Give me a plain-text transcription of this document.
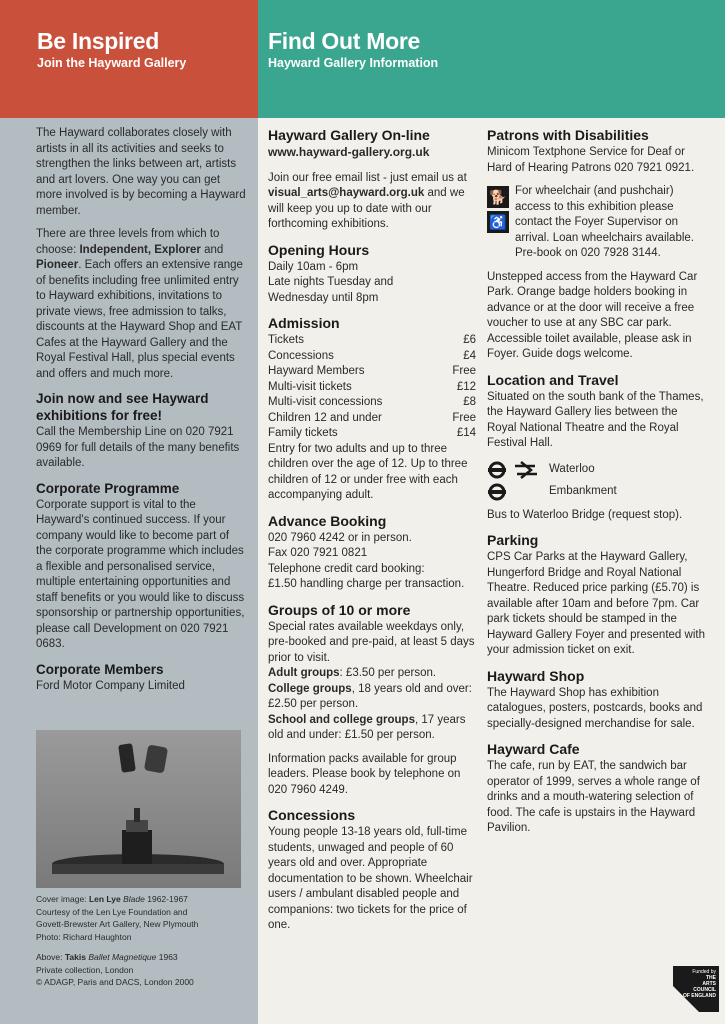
Be Inspired
Join the Hayward Gallery
Find Out More
Hayward Gallery Information

The Hayward collaborates closely with artists in all its activities and seeks to strengthen the links between art, artists and art lovers. One way you can get more involved is by becoming a Hayward member.

There are three levels from which to choose: Independent, Explorer and Pioneer. Each offers an extensive range of benefits including free unlimited entry to Hayward exhibitions, invitations to private views, free admission to talks, discounts at the Hayward Shop and EAT Cafes at the Hayward Gallery and the Royal Festival Hall, plus special events and offers and much more.

Join now and see Hayward exhibitions for free!

Call the Membership Line on 020 7921 0969 for full details of the many benefits available.

Corporate Programme

Corporate support is vital to the Hayward's continued success. If your company would like to become part of the corporate programme which includes a flexible and personalised service, multiple entertaining opportunities and staff benefits or you would like to discuss sponsorship or partnership opportunities, please call Development on 020 7921 0683.

Corporate Members

Ford Motor Company Limited

Cover image: Len Lye Blade 1962-1967
Courtesy of the Len Lye Foundation and
Govett-Brewster Art Gallery, New Plymouth
Photo: Richard Haughton
Above: Takis Ballet Magnetique 1963
Private collection, London
© ADAGP, Paris and DACS, London 2000
Hayward Gallery On-line
www.hayward-gallery.org.uk

Join our free email list - just email us at visual_arts@hayward.org.uk and we will keep you up to date with our forthcoming exhibitions.

Opening Hours
Daily 10am - 6pm
Late nights Tuesday and
Wednesday until 8pm
Admission
Tickets	£6
Concessions	£4
Hayward Members	Free
Multi-visit tickets	£12
Multi-visit concessions	£8
Children 12 and under	Free
Family tickets	£14

Entry for two adults and up to three children over the age of 12. Up to three children of 12 or under free with each accompanying adult.

Advance Booking
020 7960 4242 or in person.
Fax 020 7921 0821
Telephone credit card booking:
£1.50 handling charge per transaction.
Groups of 10 or more
Special rates available weekdays only, pre-booked and pre-paid, at least 5 days prior to visit.
Adult groups: £3.50 per person.
College groups, 18 years old and over: £2.50 per person.
School and college groups, 17 years old and under: £1.50 per person.

Information packs available for group leaders. Please book by telephone on 020 7960 4249.

Concessions

Young people 13-18 years old, full-time students, unwaged and people of 60 years old and over. Appropriate documentation to be shown. Wheelchair users / ambulant disabled people and companions: two tickets for the price of one.

Patrons with Disabilities

Minicom Textphone Service for Deaf or Hard of Hearing Patrons 020 7921 0921.

🐕
♿
For wheelchair (and pushchair) access to this exhibition please contact the Foyer Supervisor on arrival. Loan wheelchairs available. Pre-book on 020 7928 3144.

Unstepped access from the Hayward Car Park. Orange badge holders booking in advance or at the door will receive a free voucher to use at any SBC car park. Accessible toilet available, please ask in Foyer. Guide dogs welcome.

Location and Travel

Situated on the south bank of the Thames, the Hayward Gallery lies between the Royal National Theatre and the Royal Festival Hall.

Waterloo
Embankment

Bus to Waterloo Bridge (request stop).

Parking

CPS Car Parks at the Hayward Gallery, Hungerford Bridge and Royal National Theatre. Reduced price parking (£5.70) is available after 10am and before 7pm. Car park tickets should be stamped in the Hayward Gallery Foyer and presented with your admission ticket on exit.

Hayward Shop

The Hayward Shop has exhibition catalogues, posters, postcards, books and specially-designed merchandise for sale.

Hayward Cafe

The cafe, run by EAT, the sandwich bar operator of 1999, serves a whole range of drinks and a mouth-watering selection of food. The cafe is upstairs in the Hayward Pavilion.

Funded by
THE
ARTS
COUNCIL
OF ENGLAND
